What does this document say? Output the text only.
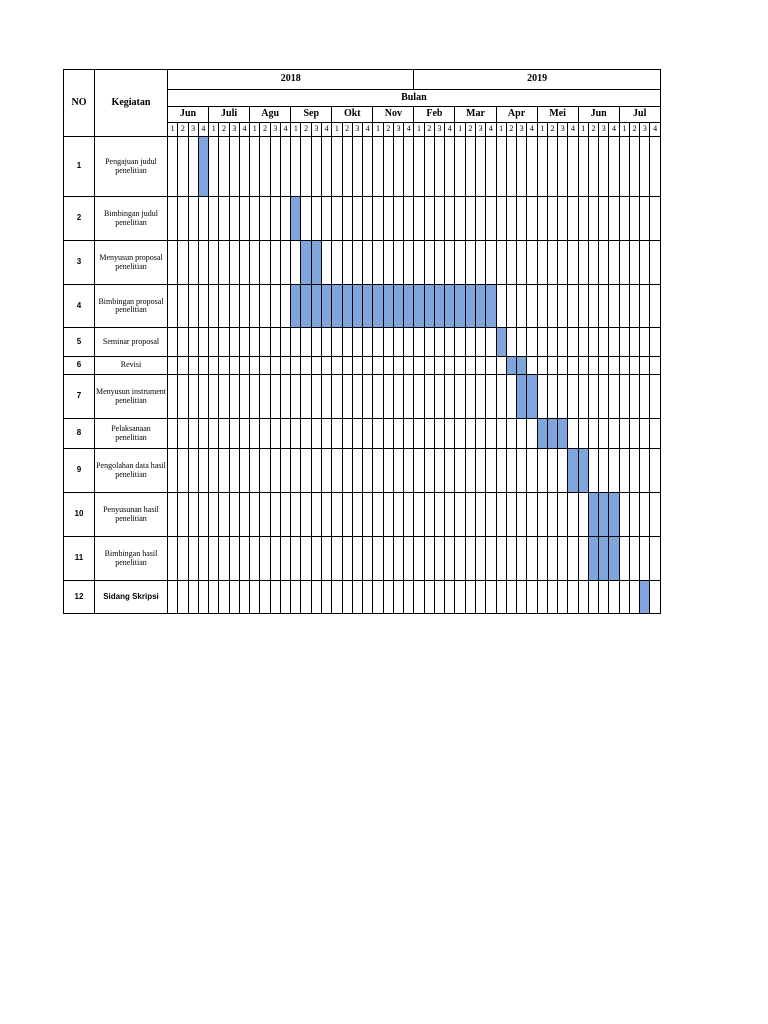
NO	Kegiatan	2018																								2019																							
		Bulan																																															
		Jun				Juli				Agu				Sep				Okt				Nov				Feb				Mar				Apr				Mei				Jun				Jul			
		1	2	3	4	1	2	3	4	1	2	3	4	1	2	3	4	1	2	3	4	1	2	3	4	1	2	3	4	1	2	3	4	1	2	3	4	1	2	3	4	1	2	3	4	1	2	3	4
1	Pengajuan judul penelitian																																																
2	Bimbingan judul penelitian																																																
3	Menyusun proposal penelitian																																																
4	Bimbingan proposal penelitian																																																
5	Seminar proposal																																																
6	Revisi																																																
7	Menyusun instrument penelitian																																																
8	Pelaksanaan penelitian																																																
9	Pengolahan data hasil penelitian																																																
10	Penyusunan hasil penelitian																																																
11	Bimbingan hasil penelitian																																																
12	Sidang Skripsi																																																
